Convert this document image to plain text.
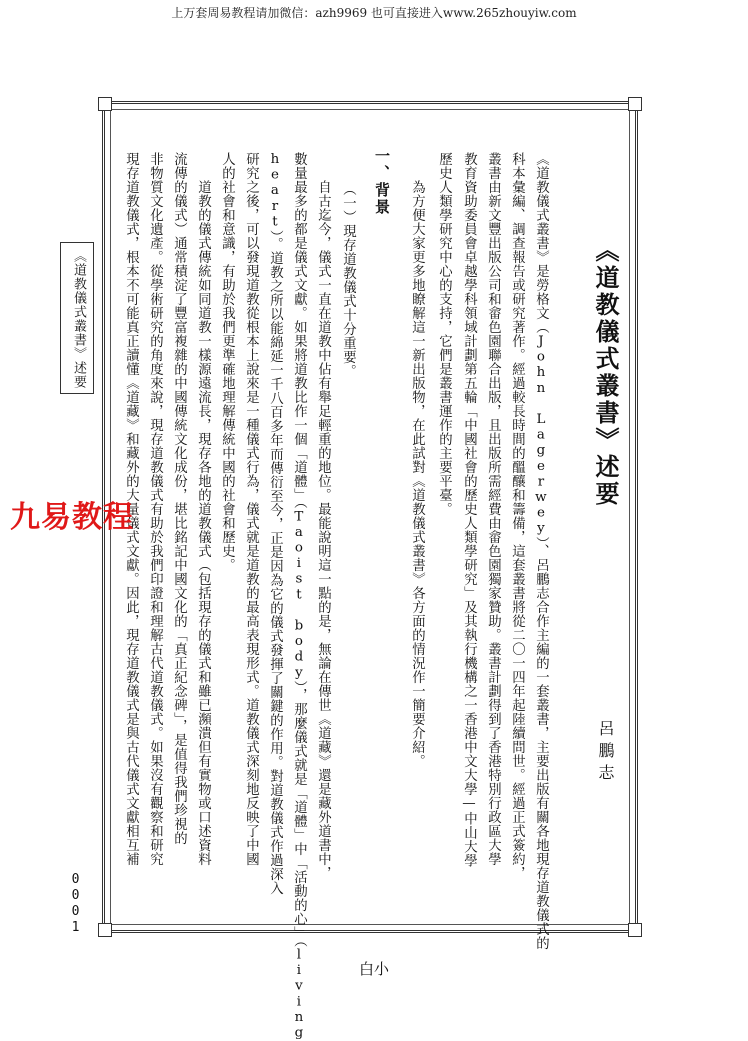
上万套周易教程请加微信：azh9969 也可直接进入www.265zhouyiw.com
《道教儀式叢書》述要
呂鵬志
《道教儀式叢書》是勞格文（John Lagerwey）、呂鵬志合作主編的一套叢書，主要出版有關各地現存道教儀式的
科本彙編、調查報告或研究著作。經過較長時間的醞釀和籌備，這套叢書將從二〇一四年起陸續問世。經過正式簽約，
叢書由新文豐出版公司和畲色園聯合出版，且出版所需經費由畲色園獨家贊助。叢書計劃得到了香港特別行政區大學
教育資助委員會卓越學科領域計劃第五輪「中國社會的歷史人類學研究」及其執行機構之一香港中文大學—中山大學
歷史人類學研究中心的支持，它們是叢書運作的主要平臺。
　　為方便大家更多地瞭解這一新出版物，在此試對《道教儀式叢書》各方面的情況作一簡要介紹。
一、背景
（一）現存道教儀式十分重要。
　　自古迄今，儀式一直在道教中佔有舉足輕重的地位。最能說明這一點的是，無論在傳世《道藏》還是藏外道書中，
數量最多的都是儀式文獻。如果將道教比作一個「道體」（Taoist body），那麼儀式就是「道體」中「活動的心」（living
heart）。道教之所以能綿延一千八百多年而傳衍至今，正是因為它的儀式發揮了關鍵的作用。對道教儀式作過深入
研究之後，可以發現道教從根本上說來是一種儀式行為，儀式就是道教的最高表現形式。道教儀式深刻地反映了中國
人的社會和意識，有助於我們更準確地理解傳統中國的社會和歷史。
　　道教的儀式傳統如同道教一樣源遠流長，現存各地的道教儀式（包括現存的儀式和雖已瀕潰但有實物或口述資料
流傳的儀式）通常積淀了豐富複雜的中國傳統文化成份，堪比銘記中國文化的「真正紀念碑」，是值得我們珍視的
非物質文化遺產。從學術研究的角度來說，現存道教儀式有助於我們印證和理解古代道教儀式。如果沒有觀察和研究
現存道教儀式，根本不可能真正讀懂《道藏》和藏外的大量儀式文獻。因此，現存道教儀式是與古代儀式文獻相互補
《道教儀式叢書》述要
九易教程
0001
白小
